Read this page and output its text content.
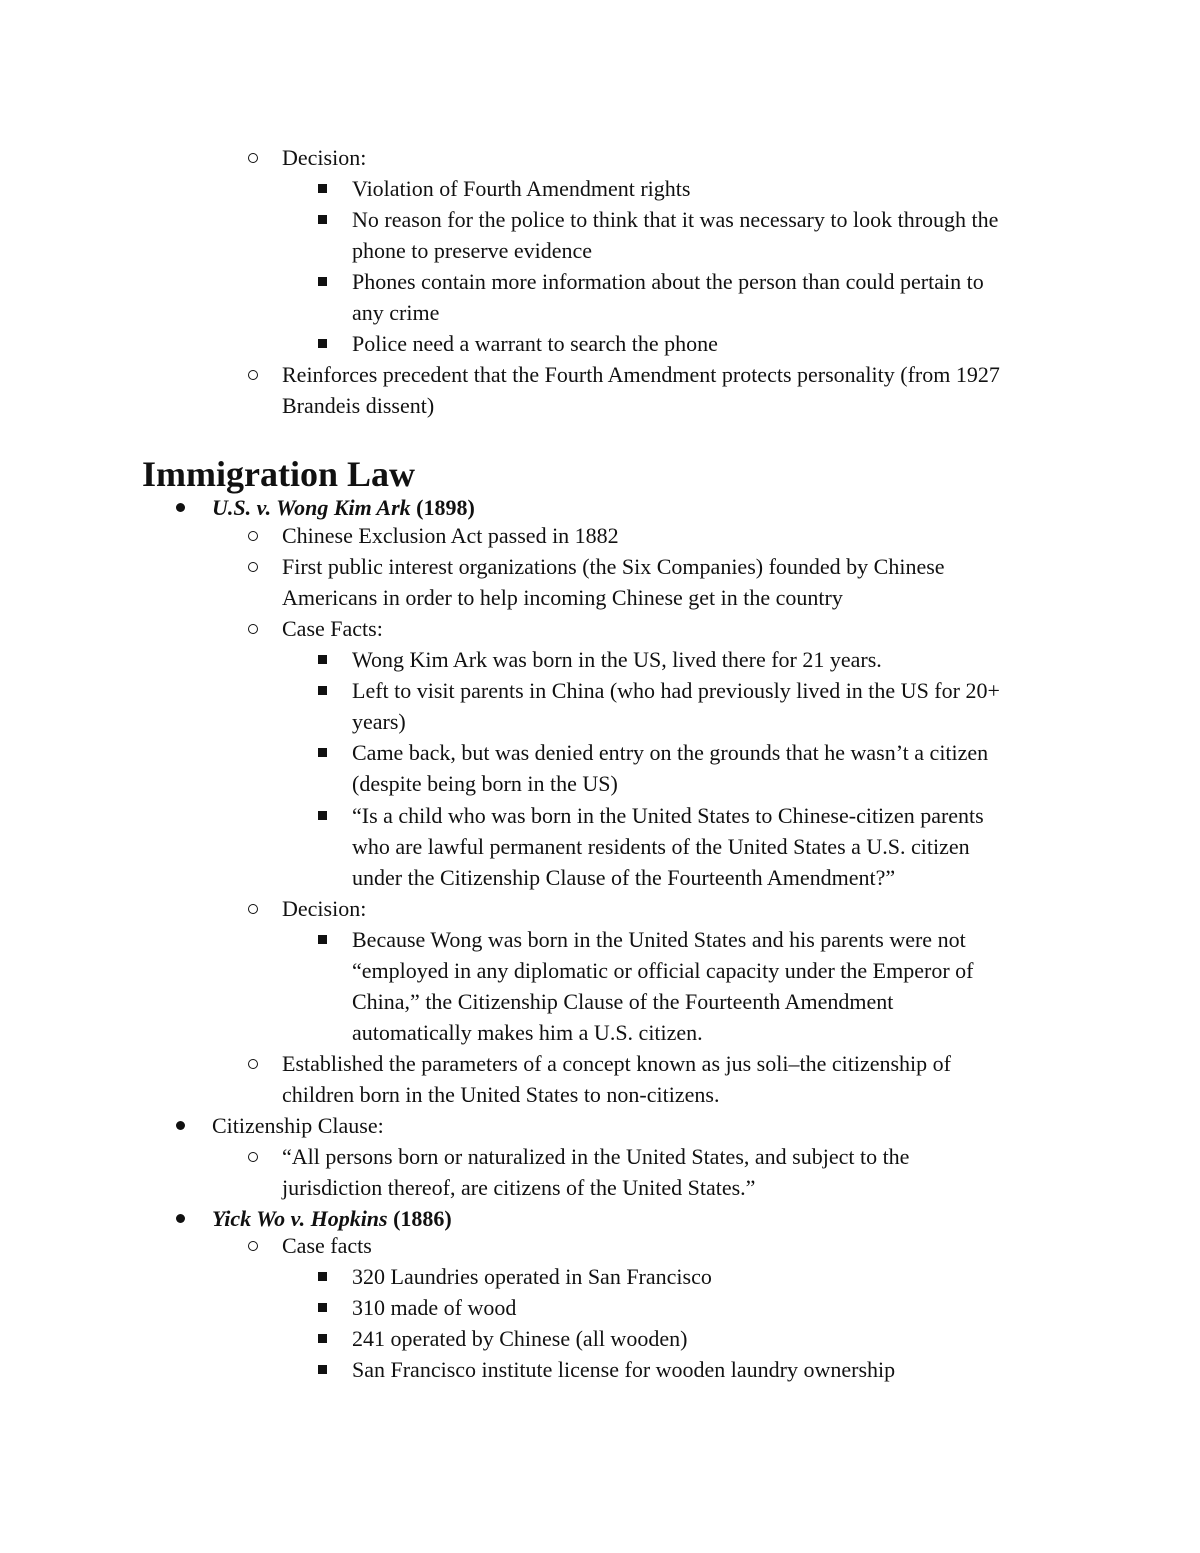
Decision:
Violation of Fourth Amendment rights
No reason for the police to think that it was necessary to look through the
phone to preserve evidence
Phones contain more information about the person than could pertain to
any crime
Police need a warrant to search the phone
Reinforces precedent that the Fourth Amendment protects personality (from 1927
Brandeis dissent)
Immigration Law
U.S. v. Wong Kim Ark (1898)
Chinese Exclusion Act passed in 1882
First public interest organizations (the Six Companies) founded by Chinese
Americans in order to help incoming Chinese get in the country
Case Facts:
Wong Kim Ark was born in the US, lived there for 21 years.
Left to visit parents in China (who had previously lived in the US for 20+
years)
Came back, but was denied entry on the grounds that he wasn’t a citizen
(despite being born in the US)
“Is a child who was born in the United States to Chinese-citizen parents
who are lawful permanent residents of the United States a U.S. citizen
under the Citizenship Clause of the Fourteenth Amendment?”
Decision:
Because Wong was born in the United States and his parents were not
“employed in any diplomatic or official capacity under the Emperor of
China,” the Citizenship Clause of the Fourteenth Amendment
automatically makes him a U.S. citizen.
Established the parameters of a concept known as jus soli–the citizenship of
children born in the United States to non-citizens.
Citizenship Clause:
“All persons born or naturalized in the United States, and subject to the
jurisdiction thereof, are citizens of the United States.”
Yick Wo v. Hopkins (1886)
Case facts
320 Laundries operated in San Francisco
310 made of wood
241 operated by Chinese (all wooden)
San Francisco institute license for wooden laundry ownership
